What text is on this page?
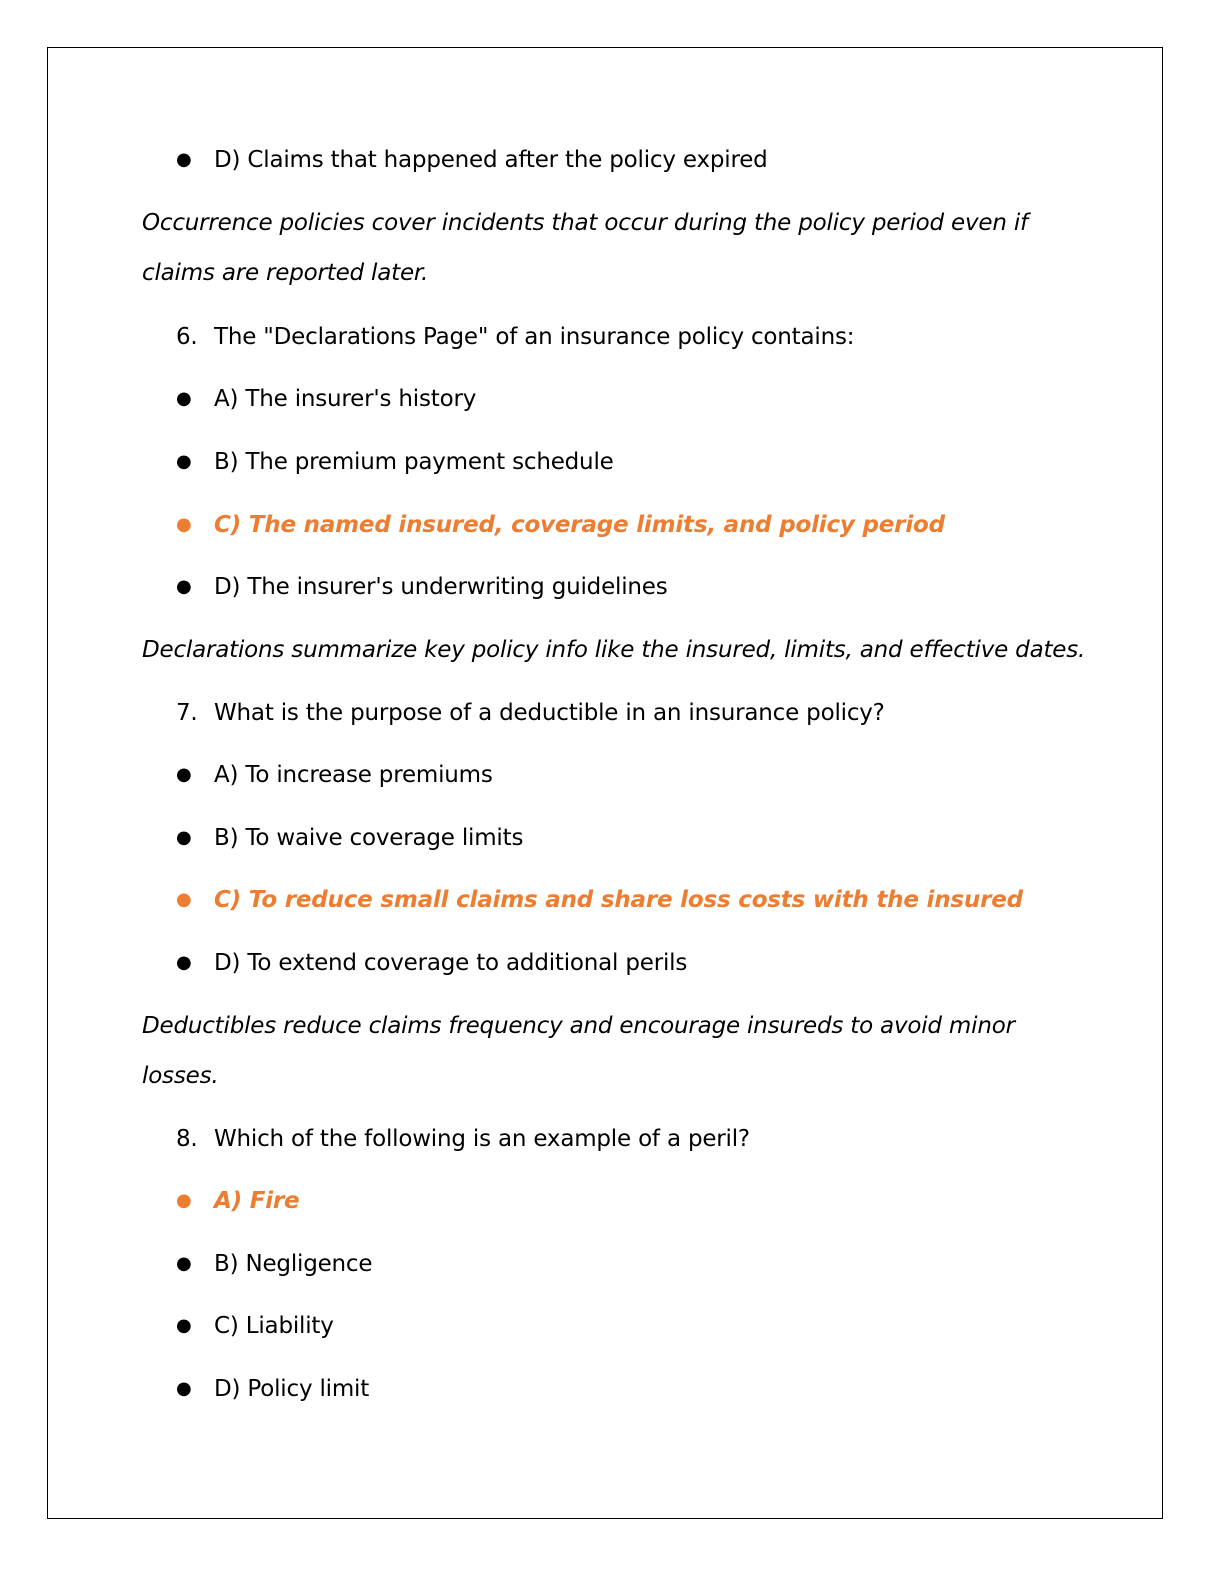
● D) Claims that happened after the policy expired
Occurrence policies cover incidents that occur during the policy period even if
claims are reported later.
6. The "Declarations Page" of an insurance policy contains:
● A) The insurer's history
● B) The premium payment schedule
● C) The named insured, coverage limits, and policy period
● D) The insurer's underwriting guidelines
Declarations summarize key policy info like the insured, limits, and effective dates.
7. What is the purpose of a deductible in an insurance policy?
● A) To increase premiums
● B) To waive coverage limits
● C) To reduce small claims and share loss costs with the insured
● D) To extend coverage to additional perils
Deductibles reduce claims frequency and encourage insureds to avoid minor
losses.
8. Which of the following is an example of a peril?
● A) Fire
● B) Negligence
● C) Liability
● D) Policy limit
